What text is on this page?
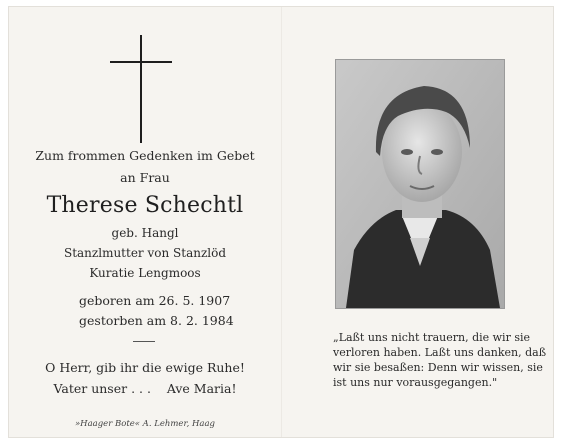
Zum frommen Gedenken im Gebet
an Frau
Therese Schechtl
geb. Hangl
Stanzlmutter von Stanzlöd
Kuratie Lengmoos
geboren am 26. 5. 1907
gestorben am 8. 2. 1984
O Herr, gib ihr die ewige Ruhe!
Vater unser . . .    Ave Maria!
»Haager Bote« A. Lehmer, Haag
„Laßt uns nicht trauern, die wir sie
verloren haben. Laßt uns danken, daß
wir sie besaßen: Denn wir wissen, sie
ist uns nur vorausgegangen."
